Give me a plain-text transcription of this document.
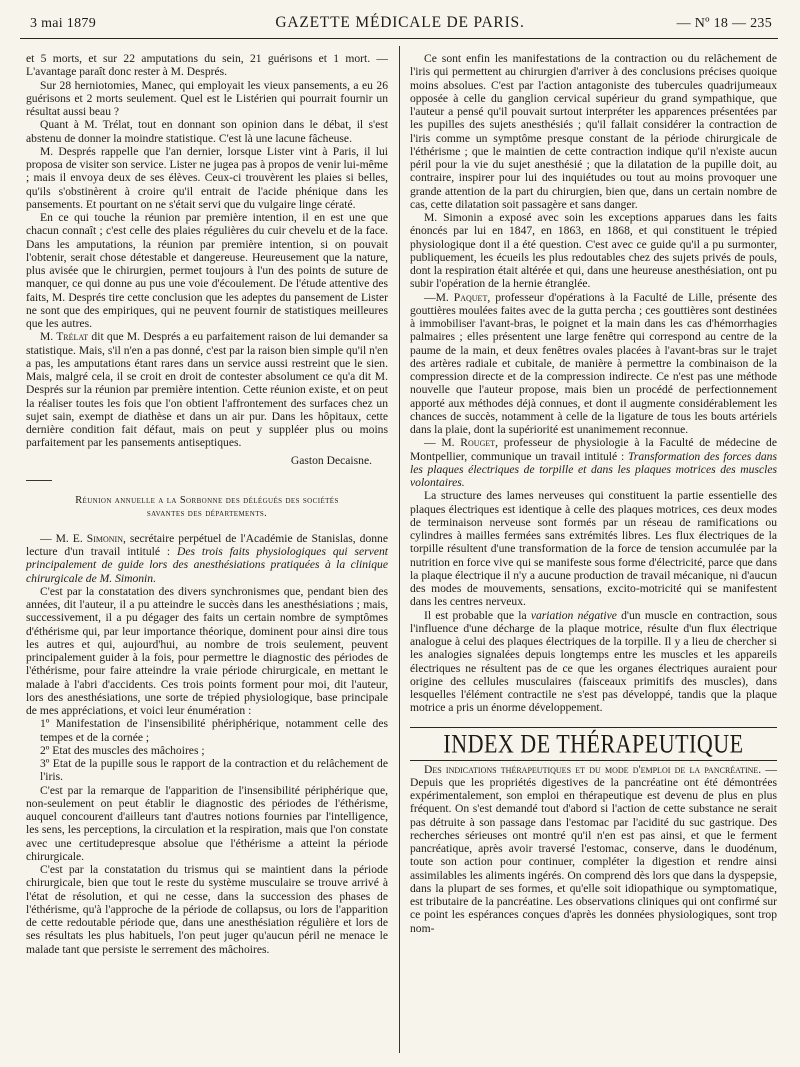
3 mai 1879	GAZETTE MÉDICALE DE PARIS.	— Nº 18 — 235

et 5 morts, et sur 22 amputations du sein, 21 guérisons et 1 mort. — L'avantage paraît donc rester à M. Després.

Sur 28 herniotomies, Manec, qui employait les vieux pansements, a eu 26 guérisons et 2 morts seulement. Quel est le Listérien qui pourrait fournir un résultat aussi beau ?

Quant à M. Trélat, tout en donnant son opinion dans le débat, il s'est abstenu de donner la moindre statistique. C'est là une lacune fâcheuse.

M. Després rappelle que l'an dernier, lorsque Lister vint à Paris, il lui proposa de visiter son service. Lister ne jugea pas à propos de venir lui-même ; mais il envoya deux de ses élèves. Ceux-ci trouvèrent les plaies si belles, qu'ils s'obstinèrent à croire qu'il entrait de l'acide phénique dans les pansements. Et pourtant on ne s'était servi que du vulgaire linge cératé.

En ce qui touche la réunion par première intention, il en est une que chacun connaît ; c'est celle des plaies régulières du cuir chevelu et de la face. Dans les amputations, la réunion par première intention, si on pouvait l'obtenir, serait chose détestable et dangereuse. Heureusement que la nature, plus avisée que le chirurgien, permet toujours à l'un des points de suture de manquer, ce qui donne au pus une voie d'écoulement. De l'étude attentive des faits, M. Després tire cette conclusion que les adeptes du pansement de Lister ne sont que des empiriques, qui ne peuvent fournir de statistiques meilleures que les autres.

M. Trélat dit que M. Després a eu parfaitement raison de lui demander sa statistique. Mais, s'il n'en a pas donné, c'est par la raison bien simple qu'il n'en a pas, les amputations étant rares dans un service aussi restreint que le sien. Mais, malgré cela, il se croit en droit de contester absolument ce qu'a dit M. Després sur la réunion par première intention. Cette réunion existe, et on peut la réaliser toutes les fois que l'on obtient l'affrontement des surfaces chez un sujet sain, exempt de diathèse et dans un air pur. Dans les hôpitaux, cette dernière condition fait défaut, mais on peut y suppléer plus ou moins parfaitement par les pansements antiseptiques.

Gaston Decaisne.
Réunion annuelle a la Sorbonne des délégués des sociétés
savantes des départements.

— M. E. Simonin, secrétaire perpétuel de l'Académie de Stanislas, donne lecture d'un travail intitulé : Des trois faits physiologiques qui servent principalement de guide lors des anesthésiations pratiquées à la clinique chirurgicale de M. Simonin.

C'est par la constatation des divers synchronismes que, pendant bien des années, dit l'auteur, il a pu atteindre le succès dans les anesthésiations ; mais, successivement, il a pu dégager des faits un certain nombre de symptômes d'éthérisme qui, par leur importance théorique, dominent pour ainsi dire tous les autres et qui, aujourd'hui, au nombre de trois seulement, peuvent principalement guider à la fois, pour permettre le diagnostic des périodes de l'éthérisme, pour faire atteindre la vraie période chirurgicale, en mettant le malade à l'abri d'accidents. Ces trois points forment pour moi, dit l'auteur, lors des anesthésiations, une sorte de trépied physiologique, base principale de mes appréciations, et voici leur énumération :

1º Manifestation de l'insensibilité phériphérique, notamment celle des tempes et de la cornée ;
2º Etat des muscles des mâchoires ;
3º Etat de la pupille sous le rapport de la contraction et du relâchement de l'iris.

C'est par la remarque de l'apparition de l'insensibilité périphérique que, non-seulement on peut établir le diagnostic des périodes de l'éthérisme, auquel concourent d'ailleurs tant d'autres notions fournies par l'intelligence, les sens, les perceptions, la circulation et la respiration, mais que l'on constate avec une certitudepresque absolue que l'éthérisme a atteint la période chirurgicale.

C'est par la constatation du trismus qui se maintient dans la période chirurgicale, bien que tout le reste du système musculaire se trouve arrivé à l'état de résolution, et qui ne cesse, dans la succession des phases de l'éthérisme, qu'à l'approche de la période de collapsus, ou lors de l'apparition de cette redoutable période que, dans une anesthésiation régulière et lors de ses résultats les plus habituels, l'on peut juger qu'aucun péril ne menace le malade tant que persiste le serrement des mâchoires.

Ce sont enfin les manifestations de la contraction ou du relâchement de l'iris qui permettent au chirurgien d'arriver à des conclusions précises quoique moins absolues. C'est par l'action antagoniste des tubercules quadrijumeaux opposée à celle du ganglion cervical supérieur du grand sympathique, que l'auteur a pensé qu'il pouvait surtout interpréter les apparences présentées par les pupilles des sujets anesthésiés ; qu'il fallait considérer la contraction de l'iris comme un symptôme presque constant de la période chirurgicale de l'éthérisme ; que le maintien de cette contraction indique qu'il n'existe aucun péril pour la vie du sujet anesthésié ; que la dilatation de la pupille doit, au contraire, inspirer pour lui des inquiétudes ou tout au moins provoquer une grande attention de la part du chirurgien, bien que, dans un certain nombre de cas, cette dilatation soit passagère et sans danger.

M. Simonin a exposé avec soin les exceptions apparues dans les faits énoncés par lui en 1847, en 1863, en 1868, et qui constituent le trépied physiologique dont il a été question. C'est avec ce guide qu'il a pu surmonter, publiquement, les écueils les plus redoutables chez des sujets privés de pouls, dont la respiration était altérée et qui, dans une heureuse anesthésiation, ont pu subir l'opération de la hernie étranglée.

—M. Paquet, professeur d'opérations à la Faculté de Lille, présente des gouttières moulées faites avec de la gutta percha ; ces gouttières sont destinées à immobiliser l'avant-bras, le poignet et la main dans les cas d'hémorrhagies palmaires ; elles présentent une large fenêtre qui correspond au centre de la paume de la main, et deux fenêtres ovales placées à l'avant-bras sur le trajet des artères radiale et cubitale, de manière à permettre la combinaison de la compression directe et de la compression indirecte. Ce n'est pas une méthode nouvelle que l'auteur propose, mais bien un procédé de perfectionnement apporté aux méthodes déjà connues, et dont il augmente considérablement les chances de succès, notamment à celle de la ligature de tous les bouts artériels dans la plaie, dont la supériorité est unanimement reconnue.

— M. Rouget, professeur de physiologie à la Faculté de médecine de Montpellier, communique un travail intitulé : Transformation des forces dans les plaques électriques de torpille et dans les plaques motrices des muscles volontaires.

La structure des lames nerveuses qui constituent la partie essentielle des plaques électriques est identique à celle des plaques motrices, ces deux modes de terminaison nerveuse sont formés par un réseau de ramifications ou cylindres à mailles fermées sans extrémités libres. Les flux électriques de la torpille résultent d'une transformation de la force de tension accumulée par la nutrition en force vive qui se manifeste sous forme d'électricité, parce que dans la plaque électrique il n'y a aucune production de travail mécanique, ni d'aucun des modes de mouvements, sensations, excito-motricité qui se manifestent dans les centres nerveux.

Il est probable que la variation négative d'un muscle en contraction, sous l'influence d'une décharge de la plaque motrice, résulte d'un flux électrique analogue à celui des plaques électriques de la torpille. Il y a lieu de chercher si les analogies signalées depuis longtemps entre les muscles et les appareils électriques ne résultent pas de ce que les organes électriques auraient pour origine des cellules musculaires (faisceaux primitifs des muscles), dans lesquelles l'élément contractile ne s'est pas développé, tandis que la plaque motrice a pris un énorme développement.

INDEX DE THÉRAPEUTIQUE

Des indications thérapeutiques et du mode d'emploi de la pancréatine. — Depuis que les propriétés digestives de la pancréatine ont été démontrées expérimentalement, son emploi en thérapeutique est devenu de plus en plus fréquent. On s'est demandé tout d'abord si l'action de cette substance ne serait pas détruite à son passage dans l'estomac par l'acidité du suc gastrique. Des recherches sérieuses ont montré qu'il n'en est pas ainsi, et que le ferment pancréatique, après avoir traversé l'estomac, conserve, dans le duodénum, toute son action pour continuer, compléter la digestion et rendre ainsi assimilables les aliments ingérés. On comprend dès lors que dans la dyspepsie, dans la plupart de ses formes, et qu'elle soit idiopathique ou symptomatique, est tributaire de la pancréatine. Les observations cliniques qui ont confirmé sur ce point les espérances conçues d'après les données physiologiques, sont trop nom-
